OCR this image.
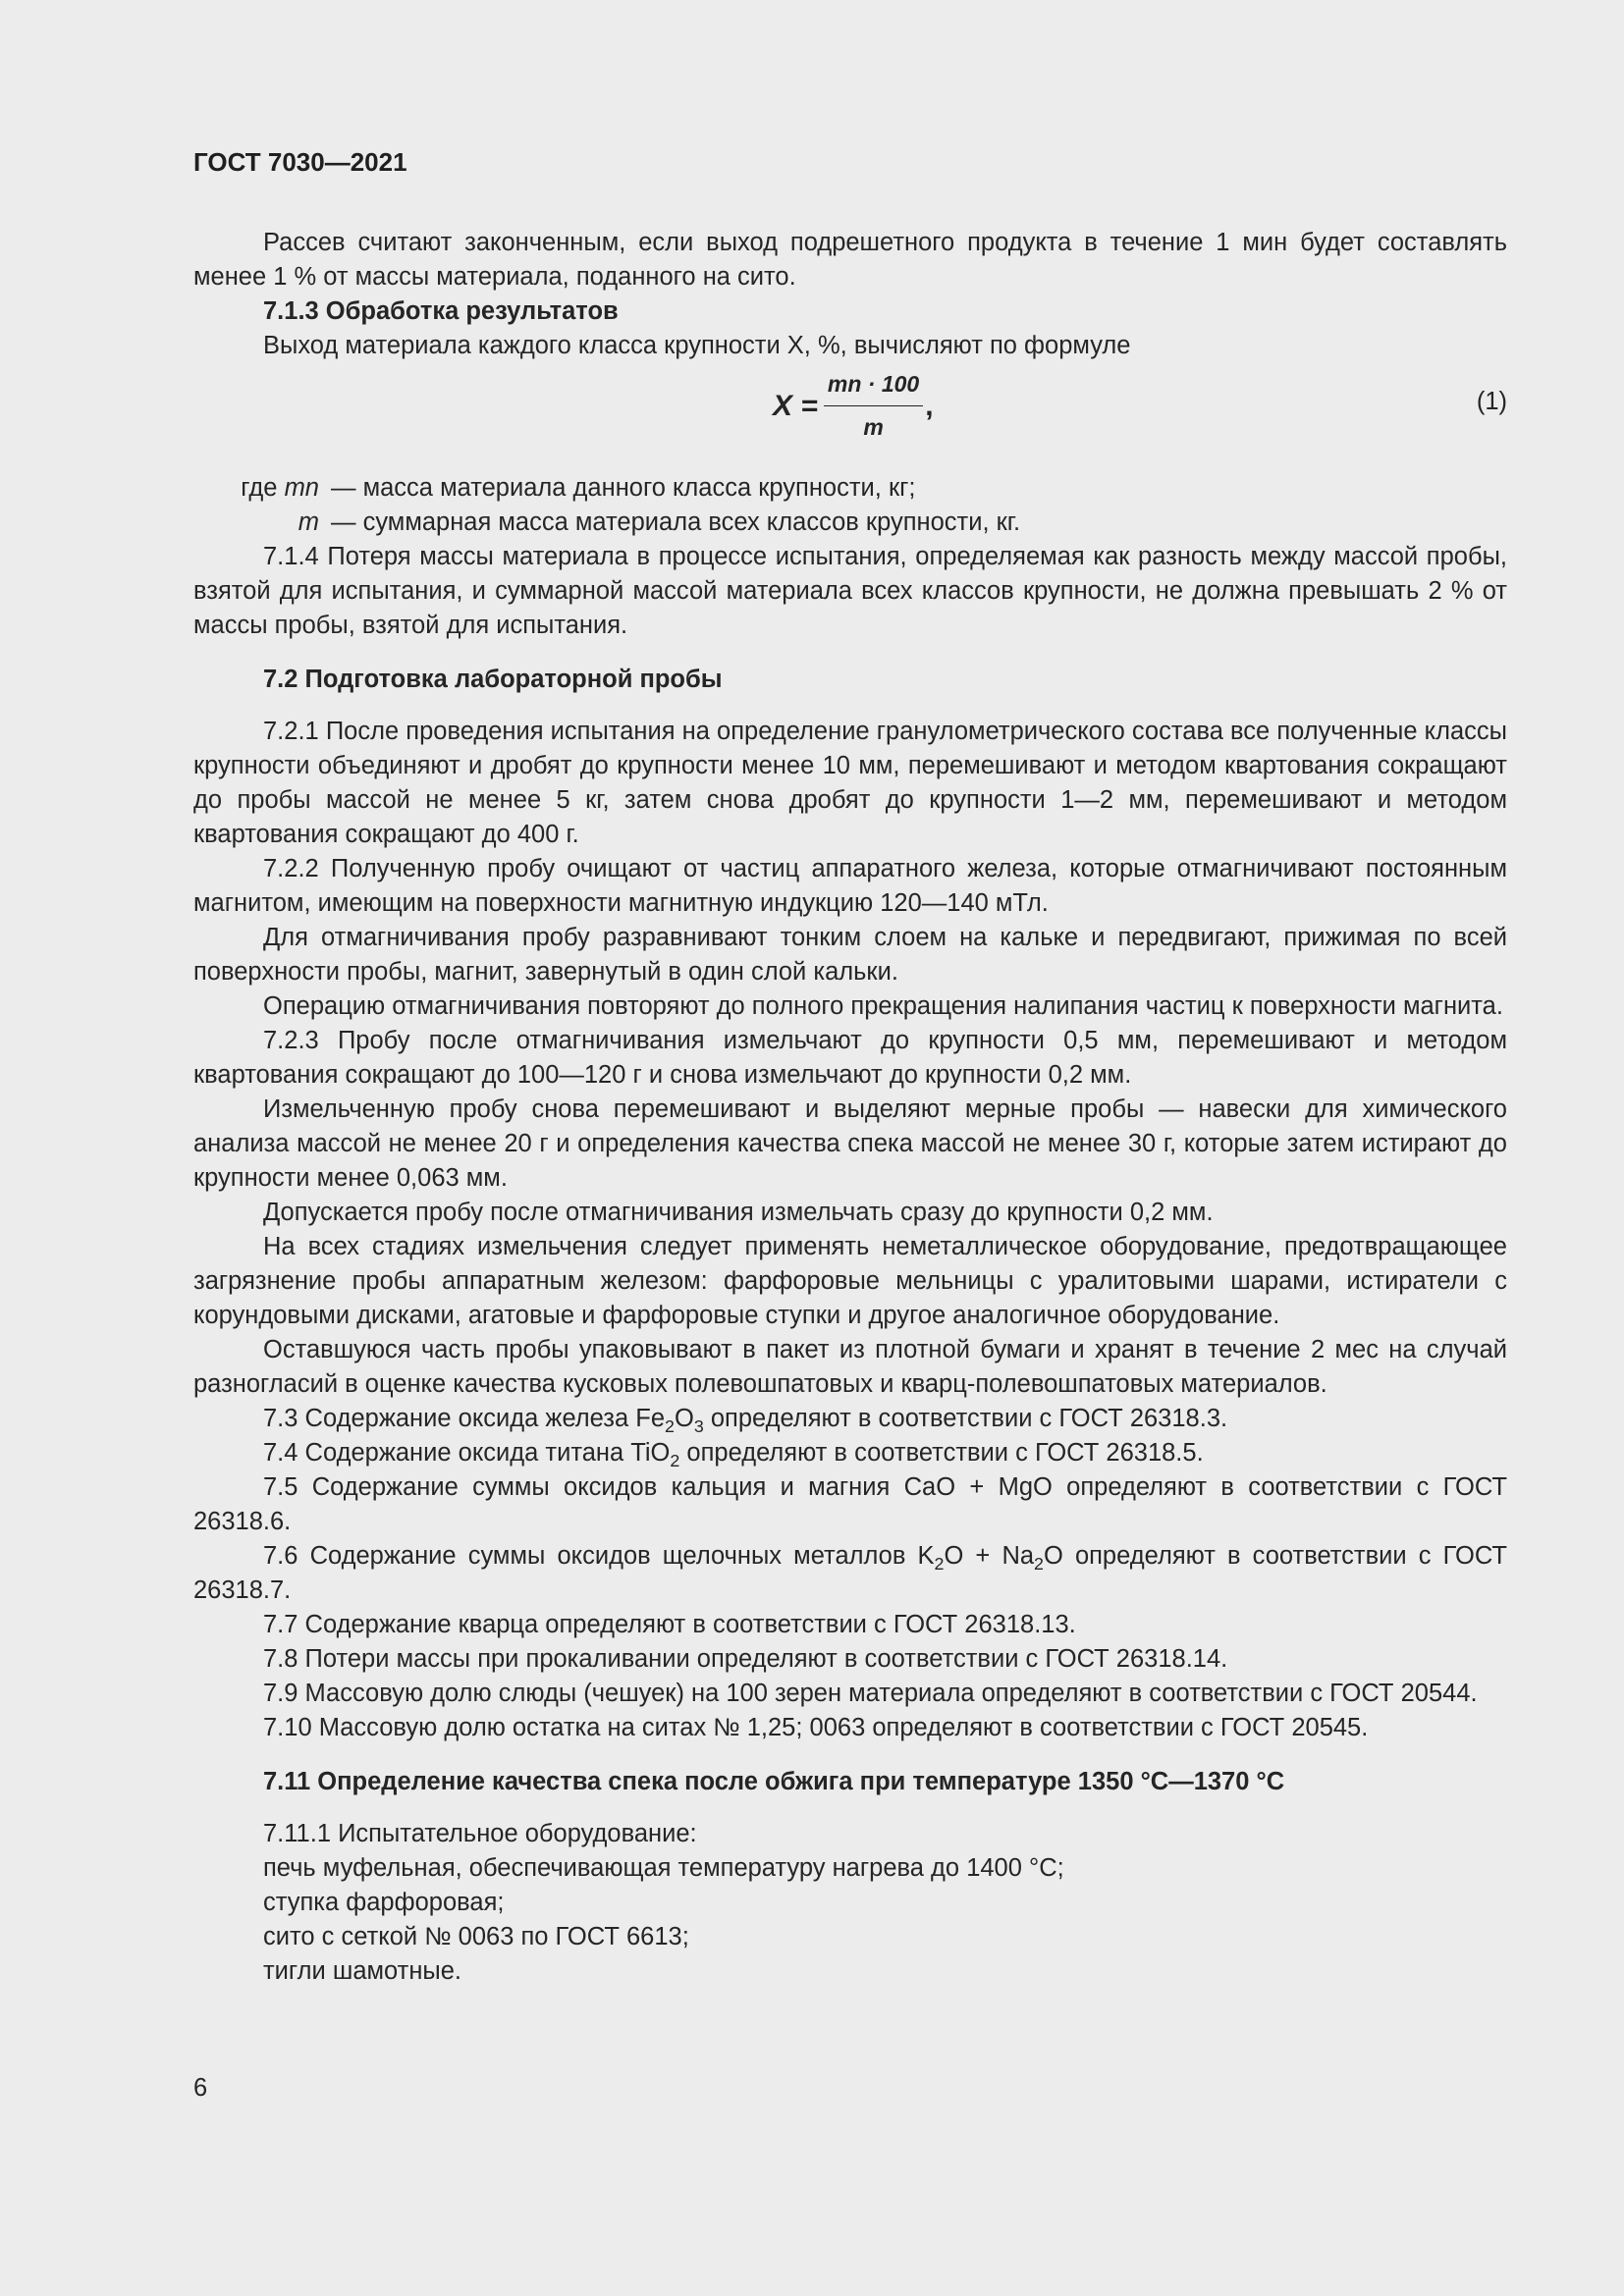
ГОСТ 7030—2021

Рассев считают законченным, если выход подрешетного продукта в течение 1 мин будет составлять менее 1 % от массы материала, поданного на сито.

7.1.3 Обработка результатов

Выход материала каждого класса крупности X, %, вычисляют по формуле

$X = \frac{mn \cdot 100}{m}$ ,	(1)
где mn — масса материала данного класса крупности, кг;
m — суммарная масса материала всех классов крупности, кг.

7.1.4 Потеря массы материала в процессе испытания, определяемая как разность между массой пробы, взятой для испытания, и суммарной массой материала всех классов крупности, не должна превышать 2 % от массы пробы, взятой для испытания.

7.2 Подготовка лабораторной пробы

7.2.1 После проведения испытания на определение гранулометрического состава все полученные классы крупности объединяют и дробят до крупности менее 10 мм, перемешивают и методом квартования сокращают до пробы массой не менее 5 кг, затем снова дробят до крупности 1—2 мм, перемешивают и методом квартования сокращают до 400 г.

7.2.2 Полученную пробу очищают от частиц аппаратного железа, которые отмагничивают постоянным магнитом, имеющим на поверхности магнитную индукцию 120—140 мТл.

Для отмагничивания пробу разравнивают тонким слоем на кальке и передвигают, прижимая по всей поверхности пробы, магнит, завернутый в один слой кальки.

Операцию отмагничивания повторяют до полного прекращения налипания частиц к поверхности магнита.

7.2.3 Пробу после отмагничивания измельчают до крупности 0,5 мм, перемешивают и методом квартования сокращают до 100—120 г и снова измельчают до крупности 0,2 мм.

Измельченную пробу снова перемешивают и выделяют мерные пробы — навески для химического анализа массой не менее 20 г и определения качества спека массой не менее 30 г, которые затем истирают до крупности менее 0,063 мм.

Допускается пробу после отмагничивания измельчать сразу до крупности 0,2 мм.

На всех стадиях измельчения следует применять неметаллическое оборудование, предотвращающее загрязнение пробы аппаратным железом: фарфоровые мельницы с уралитовыми шарами, истиратели с корундовыми дисками, агатовые и фарфоровые ступки и другое аналогичное оборудование.

Оставшуюся часть пробы упаковывают в пакет из плотной бумаги и хранят в течение 2 мес на случай разногласий в оценке качества кусковых полевошпатовых и кварц-полевошпатовых материалов.

7.3 Содержание оксида железа $Fe_2O_3$ определяют в соответствии с ГОСТ 26318.3.

7.4 Содержание оксида титана TiO$_2$ определяют в соответствии с ГОСТ 26318.5.

7.5 Содержание суммы оксидов кальция и магния CaO + MgO определяют в соответствии с ГОСТ 26318.6.

7.6 Содержание суммы оксидов щелочных металлов $K_2O + Na_2O$ определяют в соответствии с ГОСТ 26318.7.

7.7 Содержание кварца определяют в соответствии с ГОСТ 26318.13.

7.8 Потери массы при прокаливании определяют в соответствии с ГОСТ 26318.14.

7.9 Массовую долю слюды (чешуек) на 100 зерен материала определяют в соответствии с ГОСТ 20544.

7.10 Массовую долю остатка на ситах № 1,25; 0063 определяют в соответствии с ГОСТ 20545.

7.11 Определение качества спека после обжига при температуре 1350 °С—1370 °С

7.11.1 Испытательное оборудование:

печь муфельная, обеспечивающая температуру нагрева до 1400 °С;

ступка фарфоровая;

сито с сеткой № 0063 по ГОСТ 6613;

тигли шамотные.

6
